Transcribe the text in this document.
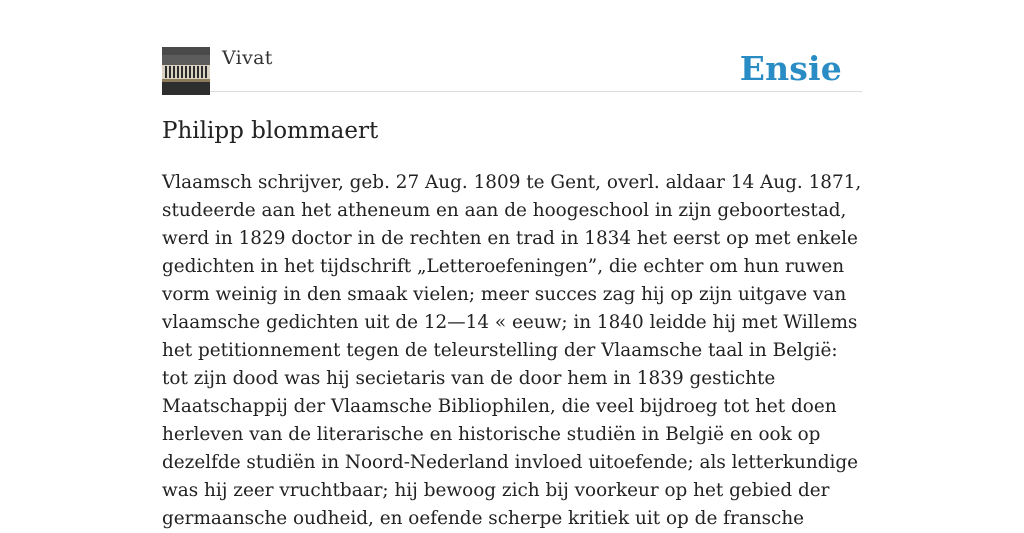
Vivat	Ensie
Philipp blommaert

Vlaamsch schrijver, geb. 27 Aug. 1809 te Gent, overl. aldaar 14 Aug. 1871, studeerde aan het atheneum en aan de hoogeschool in zijn geboortestad, werd in 1829 doctor in de rechten en trad in 1834 het eerst op met enkele gedichten in het tijdschrift „Letteroefeningen”, die echter om hun ruwen vorm weinig in den smaak vielen; meer succes zag hij op zijn uitgave van vlaamsche gedichten uit de 12—14 « eeuw; in 1840 leidde hij met Willems het petitionnement tegen de teleurstelling der Vlaamsche taal in België: tot zijn dood was hij secietaris van de door hem in 1839 gestichte Maatschappij der Vlaamsche Bibliophilen, die veel bijdroeg tot het doen herleven van de literarische en historische studiën in België en ook op dezelfde studiën in Noord-Nederland invloed uitoefende; als letterkundige was hij zeer vruchtbaar; hij bewoog zich bij voorkeur op het gebied der germaansche oudheid, en oefende scherpe kritiek uit op de fransche
